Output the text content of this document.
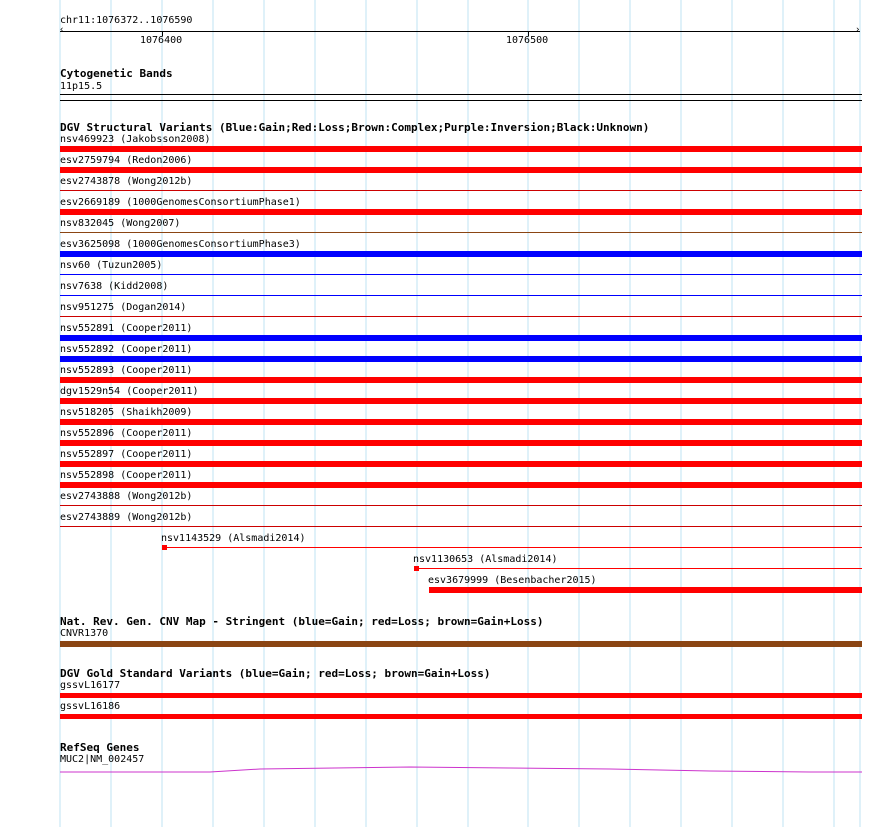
chr11:1076372..1076590
‹	›
1076400	1076500
Cytogenetic Bands
11p15.5
DGV Structural Variants (Blue:Gain;Red:Loss;Brown:Complex;Purple:Inversion;Black:Unknown)
nsv469923 (Jakobsson2008)
esv2759794 (Redon2006)
esv2743878 (Wong2012b)
esv2669189 (1000GenomesConsortiumPhase1)
nsv832045 (Wong2007)
esv3625098 (1000GenomesConsortiumPhase3)
nsv60 (Tuzun2005)
nsv7638 (Kidd2008)
nsv951275 (Dogan2014)
nsv552891 (Cooper2011)
nsv552892 (Cooper2011)
nsv552893 (Cooper2011)
dgv1529n54 (Cooper2011)
nsv518205 (Shaikh2009)
nsv552896 (Cooper2011)
nsv552897 (Cooper2011)
nsv552898 (Cooper2011)
esv2743888 (Wong2012b)
esv2743889 (Wong2012b)
nsv1143529 (Alsmadi2014)
nsv1130653 (Alsmadi2014)
esv3679999 (Besenbacher2015)
Nat. Rev. Gen. CNV Map - Stringent (blue=Gain; red=Loss; brown=Gain+Loss)
CNVR1370
DGV Gold Standard Variants (blue=Gain; red=Loss; brown=Gain+Loss)
gssvL16177
gssvL16186
RefSeq Genes
MUC2|NM_002457
